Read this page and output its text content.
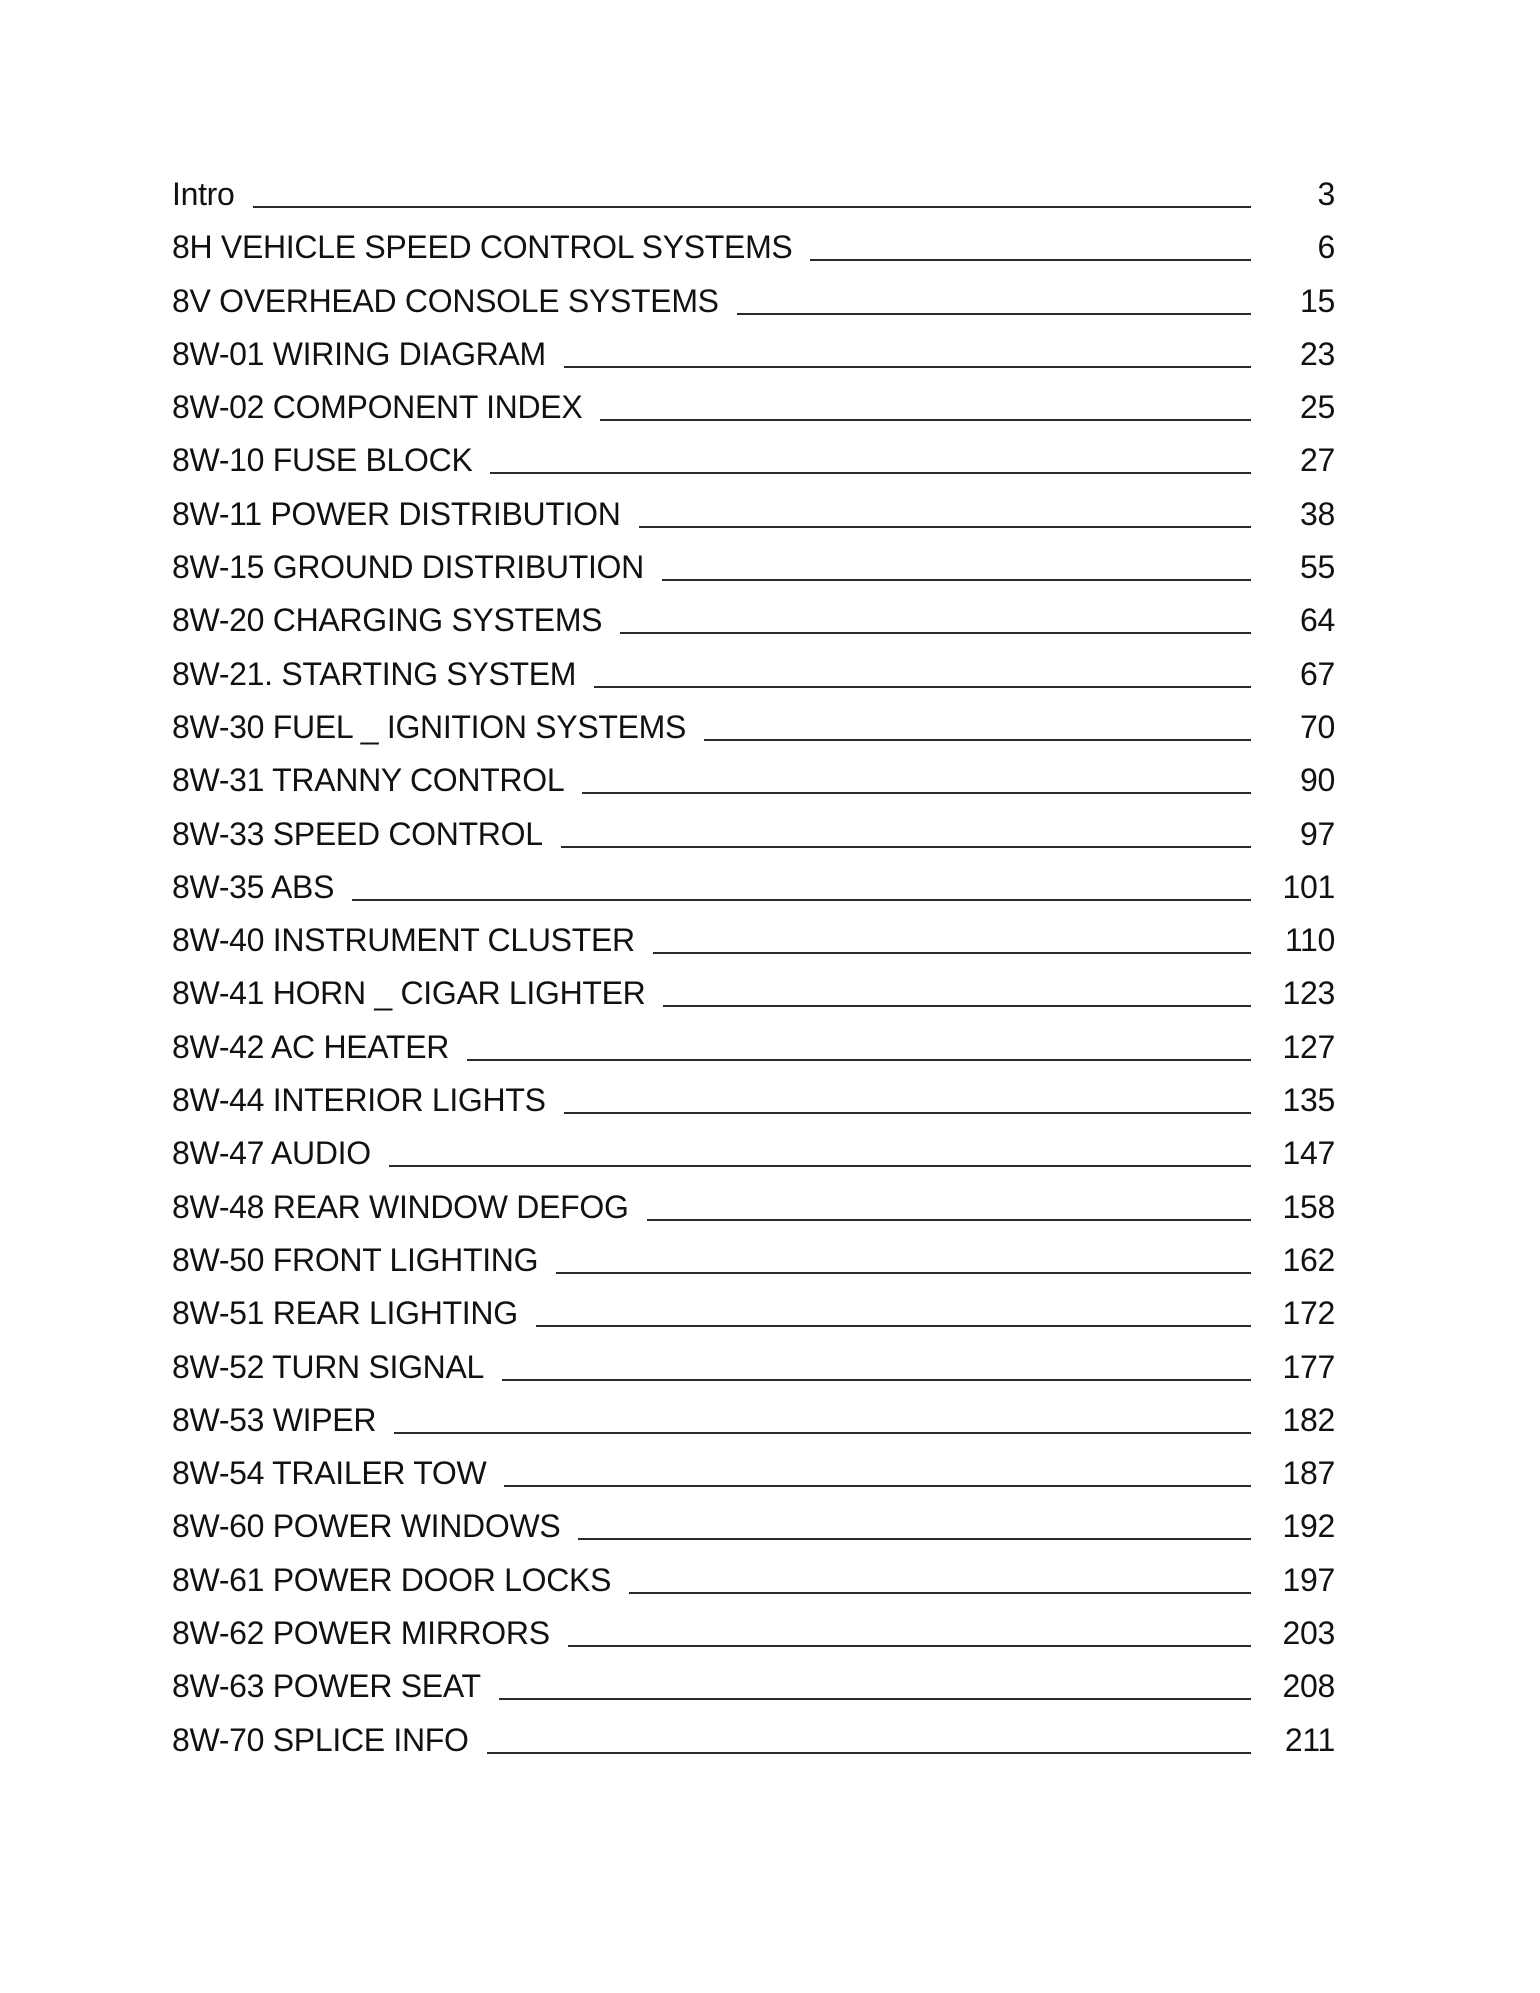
Intro	3
8H VEHICLE SPEED CONTROL SYSTEMS	6
8V OVERHEAD CONSOLE SYSTEMS	15
8W-01 WIRING DIAGRAM	23
8W-02 COMPONENT INDEX	25
8W-10 FUSE BLOCK	27
8W-11 POWER DISTRIBUTION	38
8W-15 GROUND DISTRIBUTION	55
8W-20 CHARGING SYSTEMS	64
8W-21. STARTING SYSTEM	67
8W-30 FUEL _ IGNITION SYSTEMS	70
8W-31 TRANNY CONTROL	90
8W-33 SPEED CONTROL	97
8W-35 ABS	101
8W-40 INSTRUMENT CLUSTER	110
8W-41 HORN _ CIGAR LIGHTER	123
8W-42 AC HEATER	127
8W-44 INTERIOR LIGHTS	135
8W-47 AUDIO	147
8W-48 REAR WINDOW DEFOG	158
8W-50 FRONT LIGHTING	162
8W-51 REAR LIGHTING	172
8W-52 TURN SIGNAL	177
8W-53 WIPER	182
8W-54 TRAILER TOW	187
8W-60 POWER WINDOWS	192
8W-61 POWER DOOR LOCKS	197
8W-62 POWER MIRRORS	203
8W-63 POWER SEAT	208
8W-70 SPLICE INFO	211
